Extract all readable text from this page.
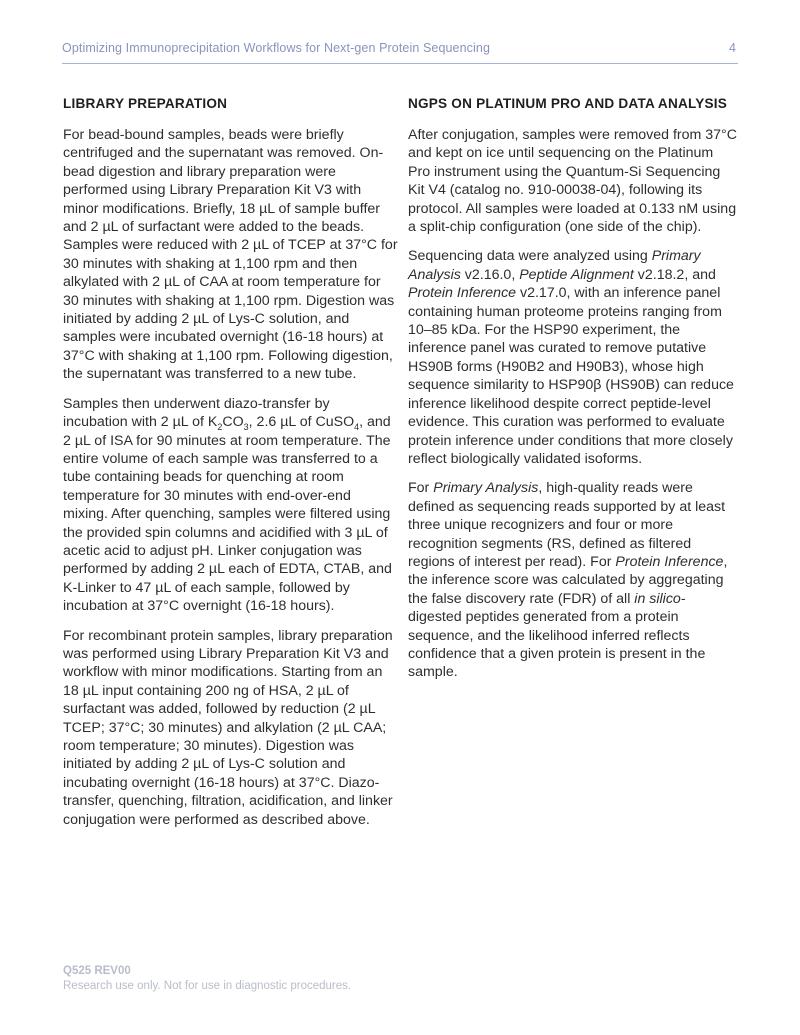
Optimizing Immunoprecipitation Workflows for Next-gen Protein Sequencing	4
LIBRARY PREPARATION

For bead-bound samples, beads were briefly centrifuged and the supernatant was removed. On-bead digestion and library preparation were performed using Library Preparation Kit V3 with minor modifications. Briefly, 18 µL of sample buffer and 2 µL of surfactant were added to the beads. Samples were reduced with 2 µL of TCEP at 37°C for 30 minutes with shaking at 1,100 rpm and then alkylated with 2 µL of CAA at room temperature for 30 minutes with shaking at 1,100 rpm. Digestion was initiated by adding 2 µL of Lys-C solution, and samples were incubated overnight (16-18 hours) at 37°C with shaking at 1,100 rpm. Following digestion, the supernatant was transferred to a new tube.

Samples then underwent diazo-transfer by incubation with 2 µL of $K_2CO_3$, 2.6 µL of CuSO$_4$, and 2 µL of ISA for 90 minutes at room temperature. The entire volume of each sample was transferred to a tube containing beads for quenching at room temperature for 30 minutes with end-over-end mixing. After quenching, samples were filtered using the provided spin columns and acidified with 3 µL of acetic acid to adjust pH. Linker conjugation was performed by adding 2 µL each of EDTA, CTAB, and K-Linker to 47 µL of each sample, followed by incubation at 37°C overnight (16-18 hours).

For recombinant protein samples, library preparation was performed using Library Preparation Kit V3 and workflow with minor modifications. Starting from an 18 µL input containing 200 ng of HSA, 2 µL of surfactant was added, followed by reduction (2 µL TCEP; 37°C; 30 minutes) and alkylation (2 µL CAA; room temperature; 30 minutes). Digestion was initiated by adding 2 µL of Lys-C solution and incubating overnight (16-18 hours) at 37°C. Diazo-transfer, quenching, filtration, acidification, and linker conjugation were performed as described above.

NGPS ON PLATINUM PRO AND DATA ANALYSIS

After conjugation, samples were removed from 37°C and kept on ice until sequencing on the Platinum Pro instrument using the Quantum-Si Sequencing Kit V4 (catalog no. 910-00038-04), following its protocol. All samples were loaded at 0.133 nM using a split-chip configuration (one side of the chip).

Sequencing data were analyzed using Primary Analysis v2.16.0, Peptide Alignment v2.18.2, and Protein Inference v2.17.0, with an inference panel containing human proteome proteins ranging from 10–85 kDa. For the HSP90 experiment, the inference panel was curated to remove putative HS90B forms (H90B2 and H90B3), whose high sequence similarity to HSP90β (HS90B) can reduce inference likelihood despite correct peptide-level evidence. This curation was performed to evaluate protein inference under conditions that more closely reflect biologically validated isoforms.

For Primary Analysis, high-quality reads were defined as sequencing reads supported by at least three unique recognizers and four or more recognition segments (RS, defined as filtered regions of interest per read). For Protein Inference, the inference score was calculated by aggregating the false discovery rate (FDR) of all in silico-digested peptides generated from a protein sequence, and the likelihood inferred reflects confidence that a given protein is present in the sample.

Q525 REV00
Research use only. Not for use in diagnostic procedures.
